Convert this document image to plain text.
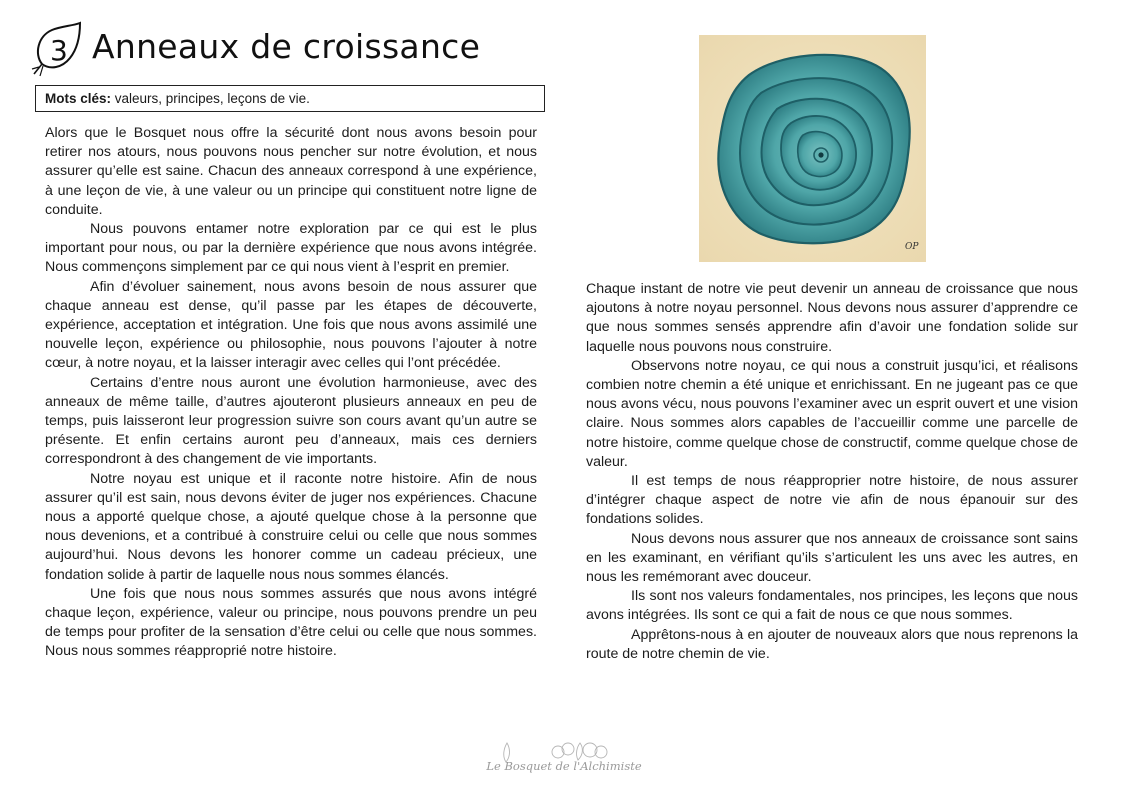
3 Anneaux de croissance
Mots clés: valeurs, principes, leçons de vie.

Alors que le Bosquet nous offre la sécurité dont nous avons besoin pour retirer nos atours, nous pouvons nous pencher sur notre évolution, et nous assurer qu’elle est saine. Chacun des anneaux correspond à une expérience, à une leçon de vie, à une valeur ou un principe qui constituent notre ligne de conduite.

Nous pouvons entamer notre exploration par ce qui est le plus important pour nous, ou par la dernière expérience que nous avons intégrée. Nous commençons simplement par ce qui nous vient à l’esprit en premier.

Afin d’évoluer sainement, nous avons besoin de nous assurer que chaque anneau est dense, qu’il passe par les étapes de découverte, expérience, acceptation et intégration. Une fois que nous avons assimilé une nouvelle leçon, expérience ou philosophie, nous pouvons l’ajouter à notre cœur, à notre noyau, et la laisser interagir avec celles qui l’ont précédée.

Certains d’entre nous auront une évolution harmonieuse, avec des anneaux de même taille, d’autres ajouteront plusieurs anneaux en peu de temps, puis laisseront leur progression suivre son cours avant qu’un autre se présente. Et enfin certains auront peu d’anneaux, mais ces derniers correspondront à des changement de vie importants.

Notre noyau est unique et il raconte notre histoire. Afin de nous assurer qu’il est sain, nous devons éviter de juger nos expériences. Chacune nous a apporté quelque chose, a ajouté quelque chose à la personne que nous devenions, et a contribué à construire celui ou celle que nous sommes aujourd’hui. Nous devons les honorer comme un cadeau précieux, une fondation solide à partir de laquelle nous nous sommes élancés.

Une fois que nous nous sommes assurés que nous avons intégré chaque leçon, expérience, valeur ou principe, nous pouvons prendre un peu de temps pour profiter de la sensation d’être celui ou celle que nous sommes. Nous nous sommes réapproprié notre histoire.

OP

Chaque instant de notre vie peut devenir un anneau de croissance que nous ajoutons à notre noyau personnel. Nous devons nous assurer d’apprendre ce que nous sommes sensés apprendre afin d’avoir une fondation solide sur laquelle nous pouvons nous construire.

Observons notre noyau, ce qui nous a construit jusqu’ici, et réalisons combien notre chemin a été unique et enrichissant. En ne jugeant pas ce que nous avons vécu, nous pouvons l’examiner avec un esprit ouvert et une vision claire. Nous sommes alors capables de l’accueillir comme une parcelle de notre histoire, comme quelque chose de constructif, comme quelque chose de valeur.

Il est temps de nous réapproprier notre histoire, de nous assurer d’intégrer chaque aspect de notre vie afin de nous épanouir sur des fondations solides.

Nous devons nous assurer que nos anneaux de croissance sont sains en les examinant, en vérifiant qu’ils s’articulent les uns avec les autres, en nous les remémorant avec douceur.

Ils sont nos valeurs fondamentales, nos principes, les leçons que nous avons intégrées. Ils sont ce qui a fait de nous ce que nous sommes.

Apprêtons-nous à en ajouter de nouveaux alors que nous reprenons la route de notre chemin de vie.

Le Bosquet de l'Alchimiste
